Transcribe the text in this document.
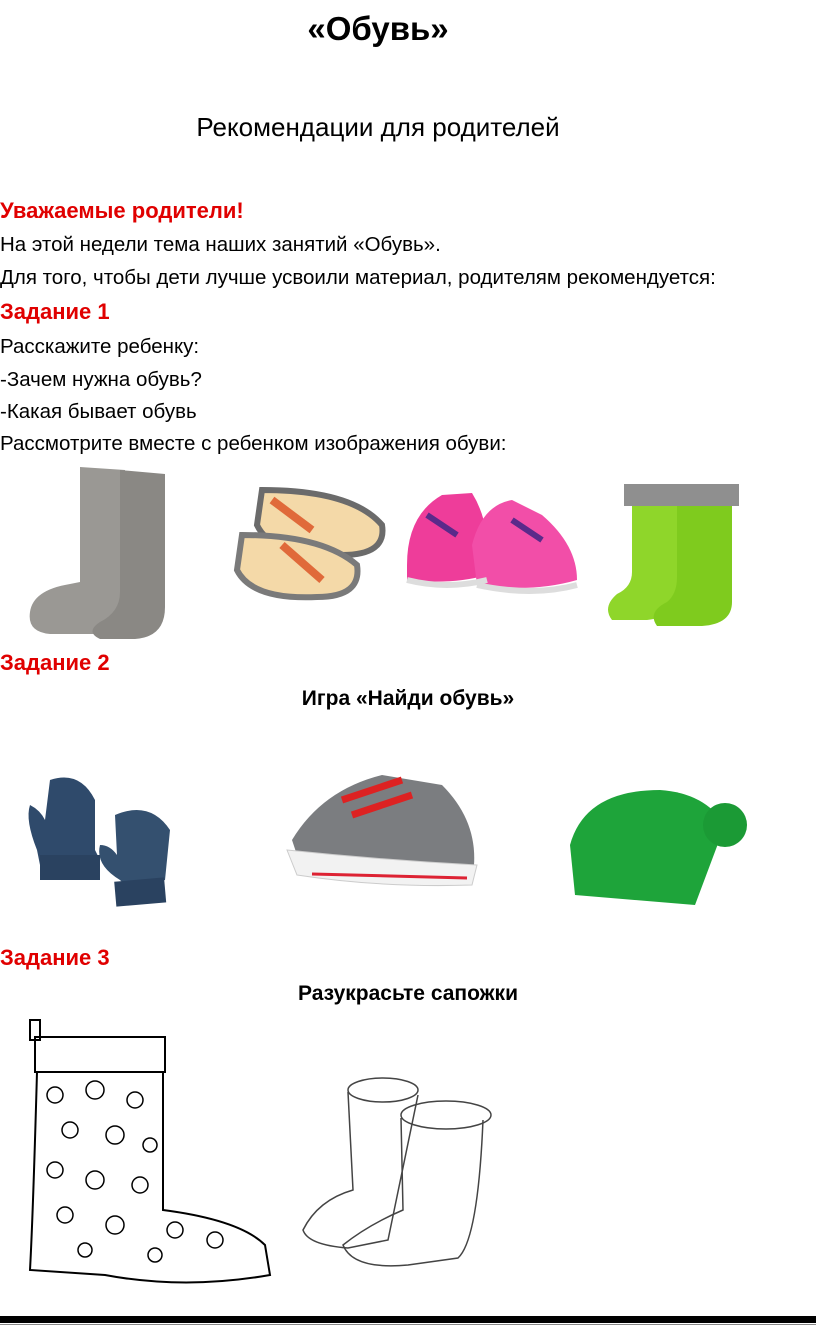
«Обувь»
Рекомендации для родителей
Уважаемые родители!
На этой недели тема наших занятий «Обувь».
Для того, чтобы дети лучше усвоили материал, родителям рекомендуется:
Задание 1
Расскажите ребенку:
-Зачем нужна обувь?
-Какая бывает обувь
Рассмотрите вместе с ребенком изображения обуви:
Задание 2
Игра «Найди обувь»
Задание 3
Разукрасьте сапожки
